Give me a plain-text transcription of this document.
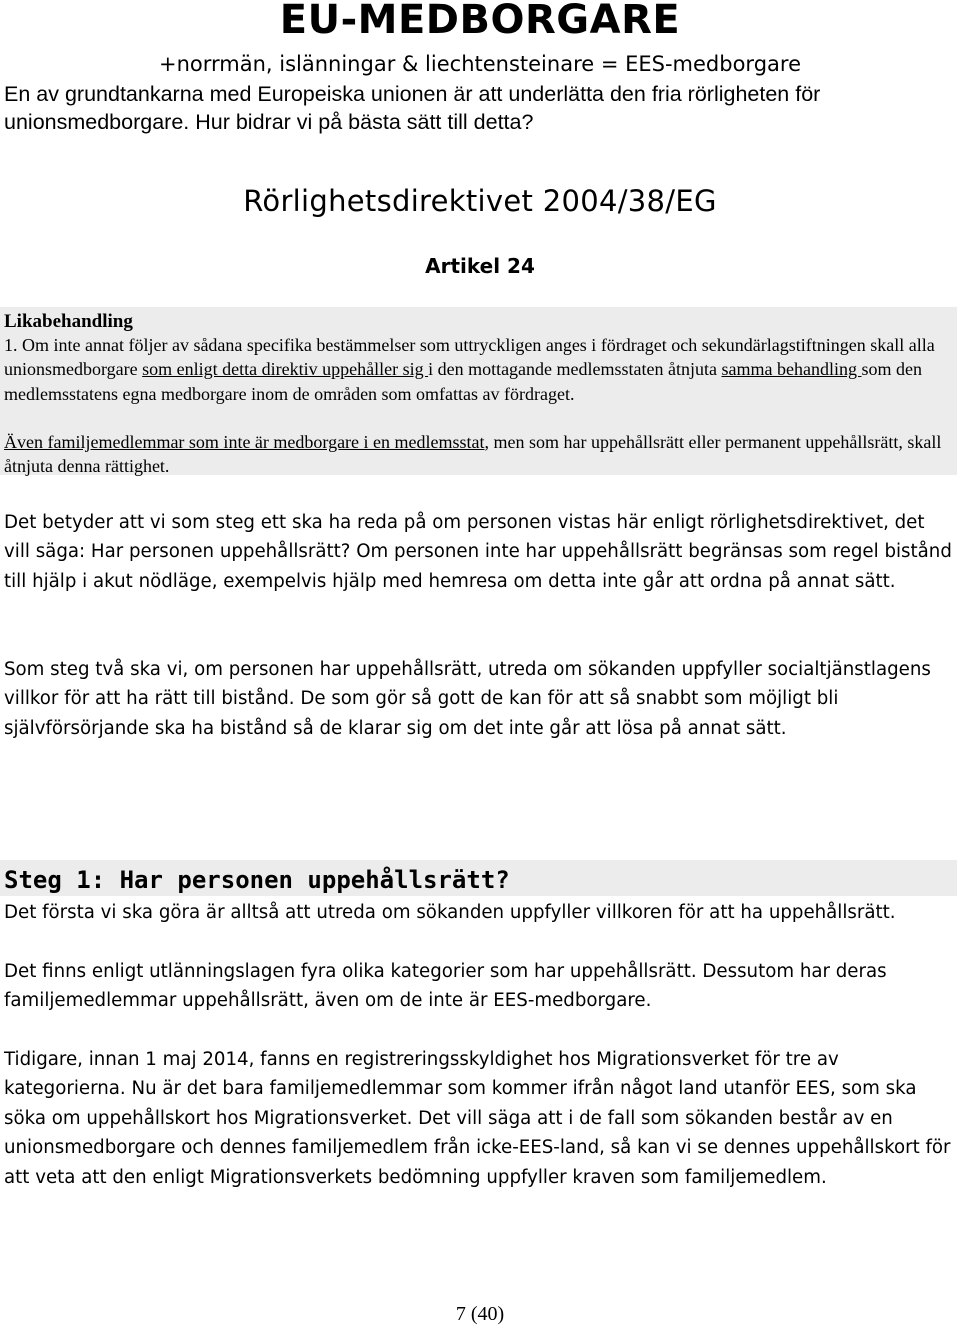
EU-MEDBORGARE
+norrmän, islänningar & liechtensteinare = EES-medborgare
En av grundtankarna med Europeiska unionen är att underlätta den fria rörligheten för unionsmedborgare. Hur bidrar vi på bästa sätt till detta?
Rörlighetsdirektivet 2004/38/EG
Artikel 24
Likabehandling

1. Om inte annat följer av sådana specifika bestämmelser som uttryckligen anges i fördraget och sekundärlagstiftningen skall alla unionsmedborgare som enligt detta direktiv uppehåller sig i den mottagande medlemsstaten åtnjuta samma behandling som den medlemsstatens egna medborgare inom de områden som omfattas av fördraget.

Även familjemedlemmar som inte är medborgare i en medlemsstat, men som har uppehållsrätt eller permanent uppehållsrätt, skall åtnjuta denna rättighet.

Det betyder att vi som steg ett ska ha reda på om personen vistas här enligt rörlighetsdirektivet, det vill säga: Har personen uppehållsrätt? Om personen inte har uppehållsrätt begränsas som regel bistånd till hjälp i akut nödläge, exempelvis hjälp med hemresa om detta inte går att ordna på annat sätt.

Som steg två ska vi, om personen har uppehållsrätt, utreda om sökanden uppfyller socialtjänstlagens villkor för att ha rätt till bistånd. De som gör så gott de kan för att så snabbt som möjligt bli självförsörjande ska ha bistånd så de klarar sig om det inte går att lösa på annat sätt.

Steg 1: Har personen uppehållsrätt?

Det första vi ska göra är alltså att utreda om sökanden uppfyller villkoren för att ha uppehållsrätt.

Det finns enligt utlänningslagen fyra olika kategorier som har uppehållsrätt. Dessutom har deras familjemedlemmar uppehållsrätt, även om de inte är EES-medborgare.

Tidigare, innan 1 maj 2014, fanns en registreringsskyldighet hos Migrationsverket för tre av kategorierna. Nu är det bara familjemedlemmar som kommer ifrån något land utanför EES, som ska söka om uppehållskort hos Migrationsverket. Det vill säga att i de fall som sökanden består av en unionsmedborgare och dennes familjemedlem från icke-EES-land, så kan vi se dennes uppehållskort för att veta att den enligt Migrationsverkets bedömning uppfyller kraven som familjemedlem.

7 (40)
